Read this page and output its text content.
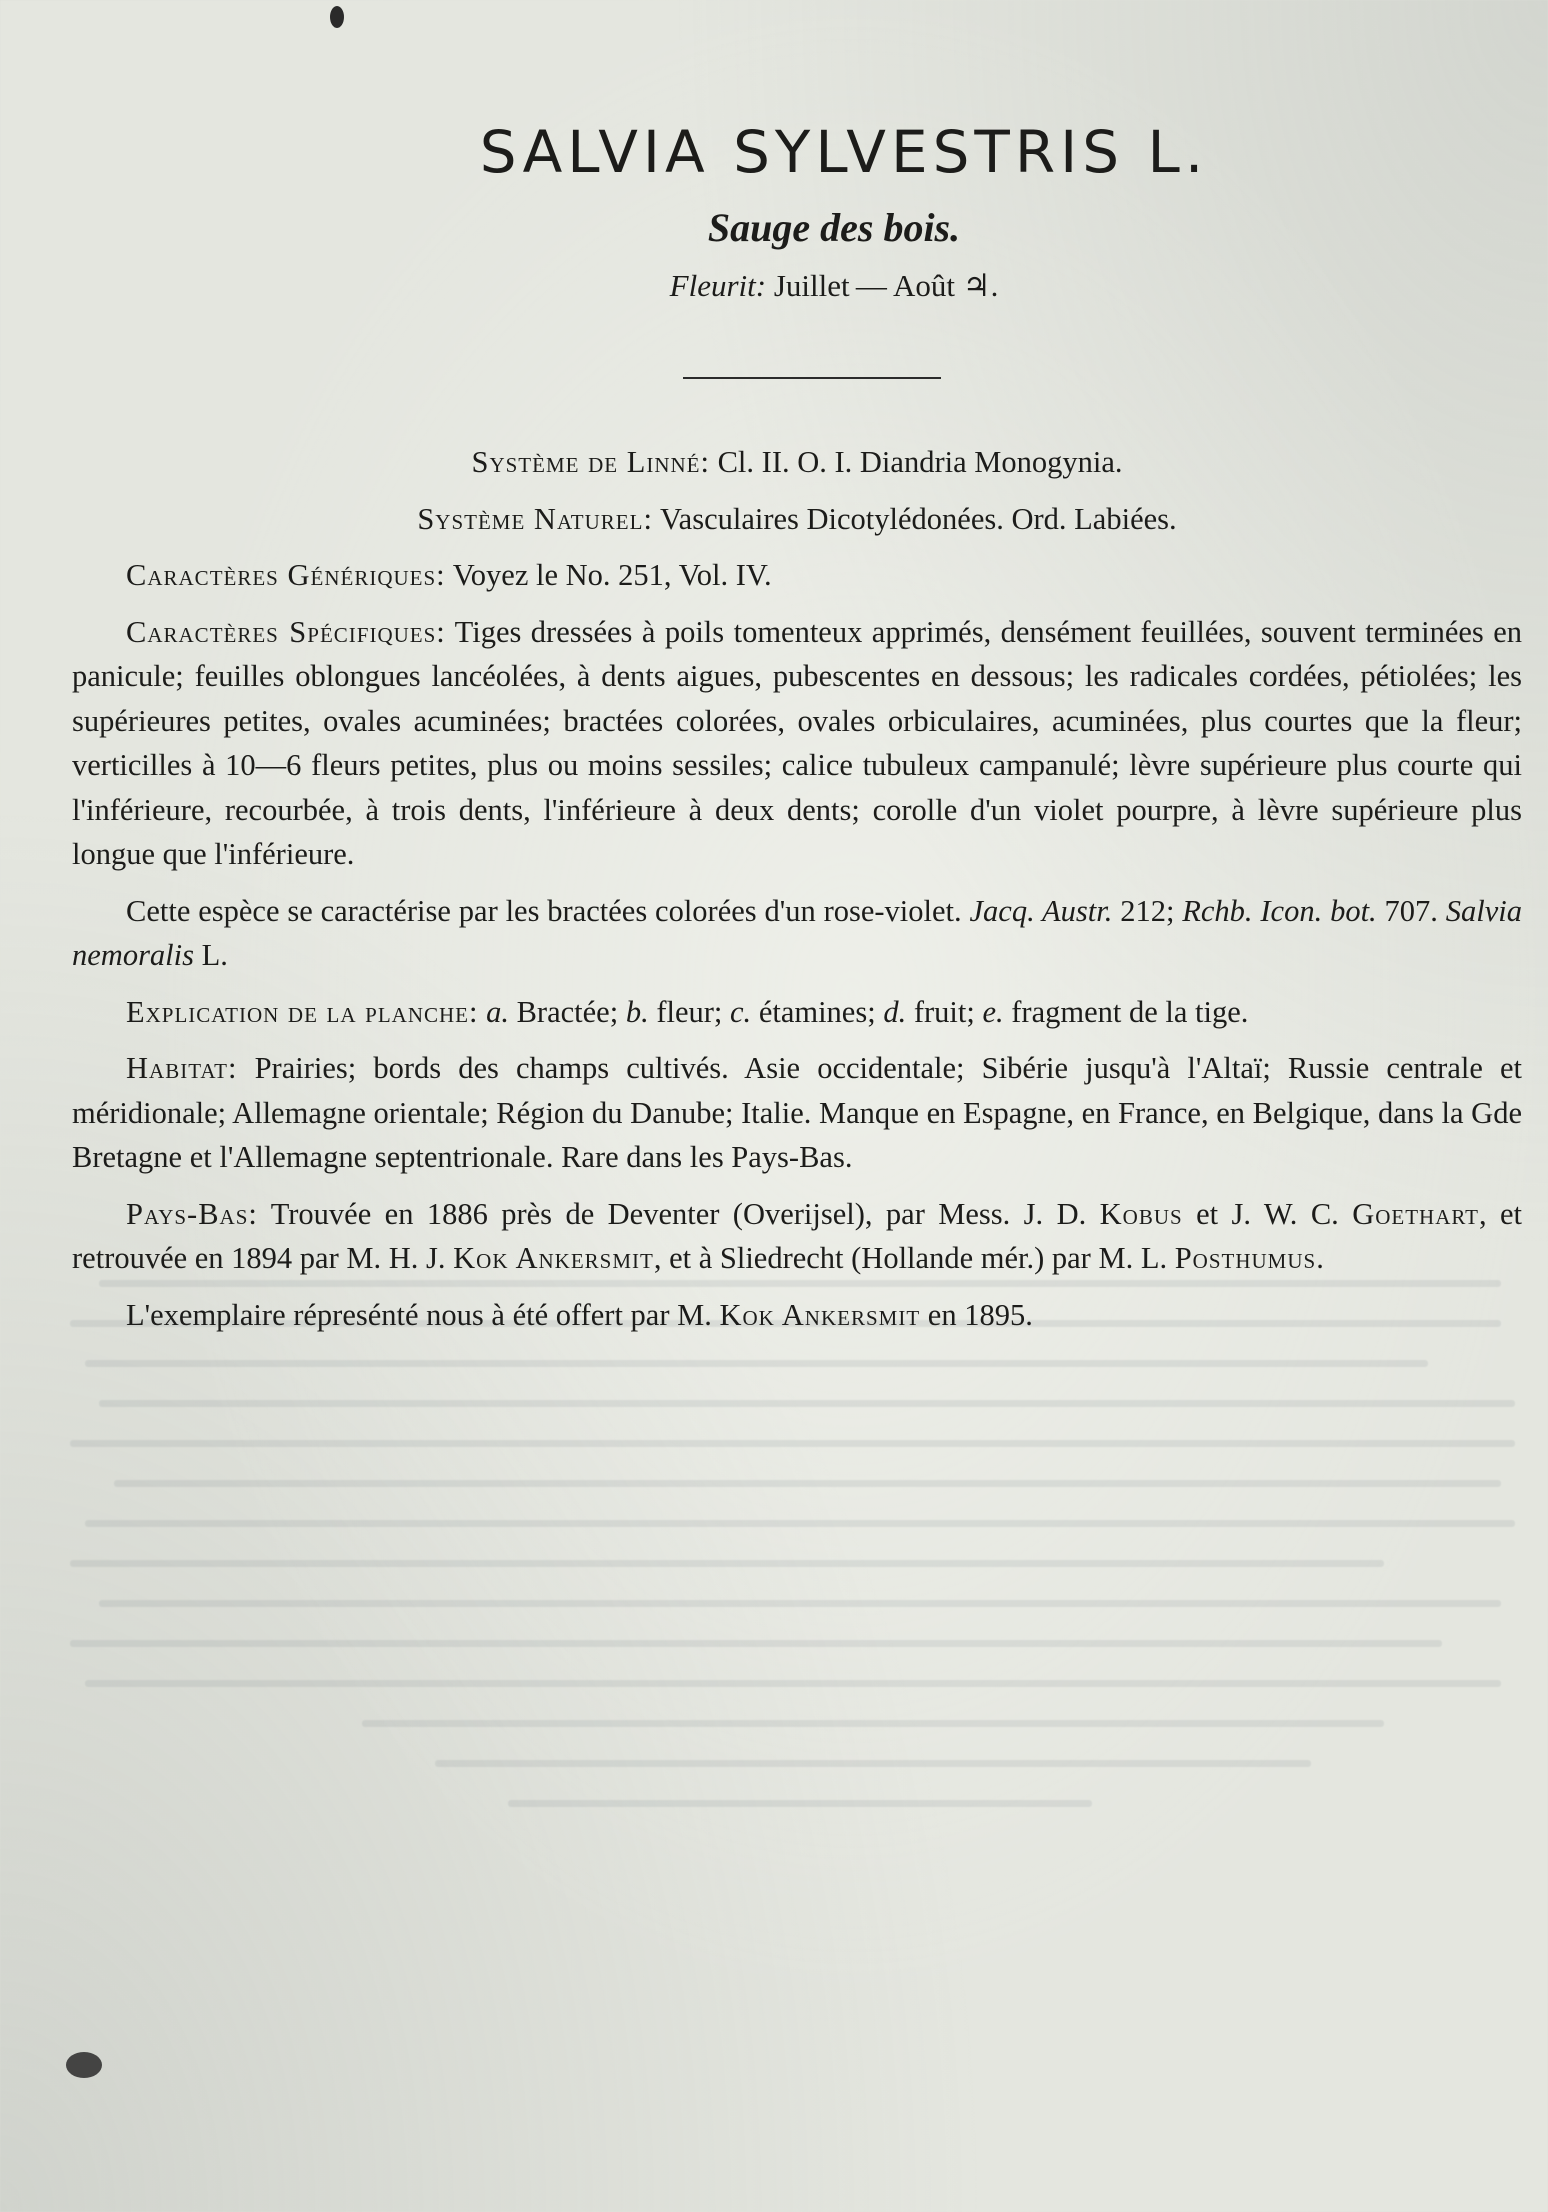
SALVIA SYLVESTRIS L.
Sauge des bois.
Fleurit: Juillet — Août ♃.

Système de Linné: Cl. II. O. I. Diandria Monogynia.

Système Naturel: Vasculaires Dicotylédonées. Ord. Labiées.

Caractères Génériques: Voyez le No. 251, Vol. IV.

Caractères Spécifiques: Tiges dressées à poils tomenteux apprimés, densément feuillées, souvent terminées en panicule; feuilles oblongues lancéolées, à dents aigues, pubescentes en dessous; les radicales cordées, pétiolées; les supérieures petites, ovales acuminées; bractées colorées, ovales orbiculaires, acuminées, plus courtes que la fleur; verticilles à 10—6 fleurs petites, plus ou moins sessiles; calice tubuleux campanulé; lèvre supérieure plus courte qui l'inférieure, recourbée, à trois dents, l'inférieure à deux dents; corolle d'un violet pourpre, à lèvre supérieure plus longue que l'inférieure.

Cette espèce se caractérise par les bractées colorées d'un rose-violet. Jacq. Austr. 212; Rchb. Icon. bot. 707. Salvia nemoralis L.

Explication de la planche: a. Bractée; b. fleur; c. étamines; d. fruit; e. fragment de la tige.

Habitat: Prairies; bords des champs cultivés. Asie occidentale; Sibérie jusqu'à l'Altaï; Russie centrale et méridionale; Allemagne orientale; Région du Danube; Italie. Manque en Espagne, en France, en Belgique, dans la Gde Bretagne et l'Allemagne septentrionale. Rare dans les Pays-Bas.

Pays-Bas: Trouvée en 1886 près de Deventer (Overijsel), par Mess. J. D. Kobus et J. W. C. Goethart, et retrouvée en 1894 par M. H. J. Kok Ankersmit, et à Sliedrecht (Hollande mér.) par M. L. Posthumus.

L'exemplaire répresénté nous à été offert par M. Kok Ankersmit en 1895.
